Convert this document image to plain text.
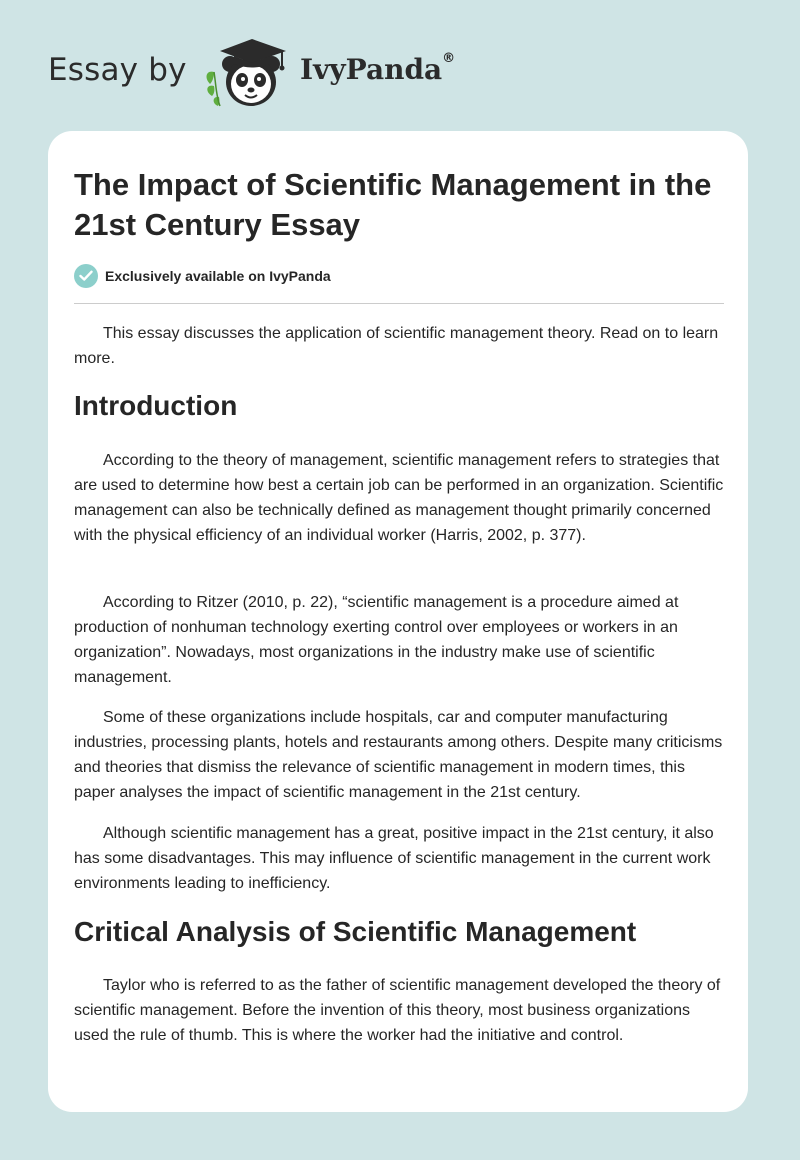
Essay by	IvyPanda®
The Impact of Scientific Management in the 21st Century Essay
Exclusively available on IvyPanda

This essay discusses the application of scientific management theory. Read on to learn more.

Introduction

According to the theory of management, scientific management refers to strategies that are used to determine how best a certain job can be performed in an organization. Scientific management can also be technically defined as management thought primarily concerned with the physical efficiency of an individual worker (Harris, 2002, p. 377).

According to Ritzer (2010, p. 22), “scientific management is a procedure aimed at production of nonhuman technology exerting control over employees or workers in an organization”. Nowadays, most organizations in the industry make use of scientific management.

Some of these organizations include hospitals, car and computer manufacturing industries, processing plants, hotels and restaurants among others. Despite many criticisms and theories that dismiss the relevance of scientific management in modern times, this paper analyses the impact of scientific management in the 21st century.

Although scientific management has a great, positive impact in the 21st century, it also has some disadvantages. This may influence of scientific management in the current work environments leading to inefficiency.

Critical Analysis of Scientific Management

Taylor who is referred to as the father of scientific management developed the theory of scientific management. Before the invention of this theory, most business organizations used the rule of thumb. This is where the worker had the initiative and control.
